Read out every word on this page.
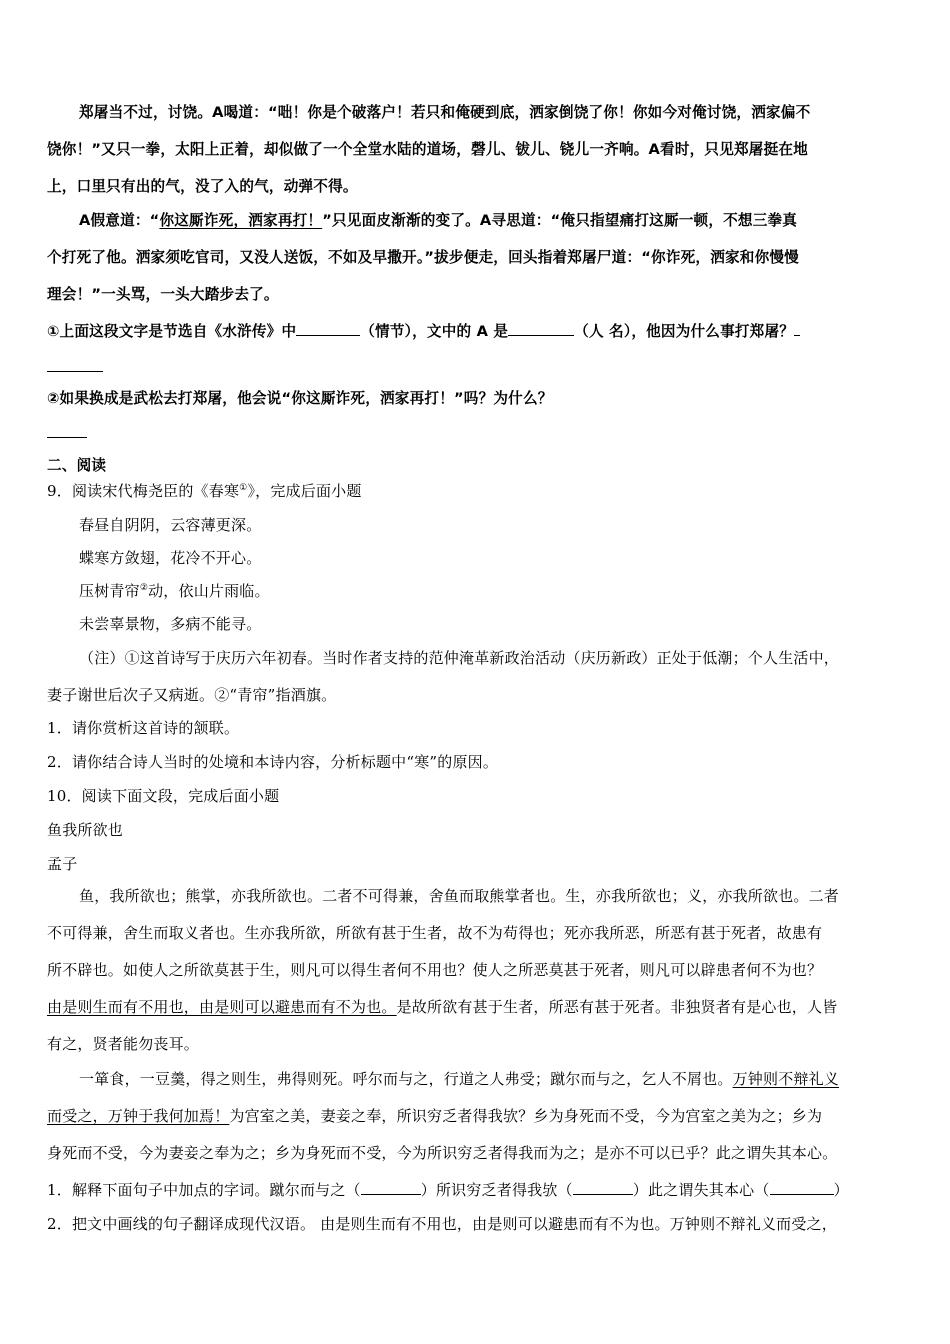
郑屠当不过，讨饶。A喝道：“咄！你是个破落户！若只和俺硬到底，洒家倒饶了你！你如今对俺讨饶，洒家偏不
饶你！”又只一拳，太阳上正着，却似做了一个全堂水陆的道场，磬儿、钹儿、铙儿一齐响。A看时，只见郑屠挺在地
上，口里只有出的气，没了入的气，动弹不得。
A假意道：“你这厮诈死，洒家再打！”只见面皮渐渐的变了。A寻思道：“俺只指望痛打这厮一顿，不想三拳真
个打死了他。洒家须吃官司，又没人送饭，不如及早撒开。”拔步便走，回头指着郑屠尸道：“你诈死，洒家和你慢慢
理会！”一头骂，一头大踏步去了。
①上面这段文字是节选自《水浒传》中	（情节），文中的 A 是	（人 名），他因为什么事打郑屠？
②如果换成是武松去打郑屠，他会说“你这厮诈死，洒家再打！”吗？为什么？
二、阅读
9．阅读宋代梅尧臣的《春寒①》，完成后面小题
春昼自阴阴，云容薄更深。
蝶寒方敛翅，花冷不开心。
压树青帘②动，依山片雨临。
未尝辜景物，多病不能寻。
（注）①这首诗写于庆历六年初春。当时作者支持的范仲淹革新政治活动（庆历新政）正处于低潮；个人生活中，
妻子谢世后次子又病逝。②“青帘”指酒旗。
1．请你赏析这首诗的颔联。
2．请你结合诗人当时的处境和本诗内容，分析标题中“寒”的原因。
10．阅读下面文段，完成后面小题
鱼我所欲也
孟子
鱼，我所欲也；熊掌，亦我所欲也。二者不可得兼，舍鱼而取熊掌者也。生，亦我所欲也；义，亦我所欲也。二者
不可得兼，舍生而取义者也。生亦我所欲，所欲有甚于生者，故不为苟得也；死亦我所恶，所恶有甚于死者，故患有
所不辟也。如使人之所欲莫甚于生，则凡可以得生者何不用也？使人之所恶莫甚于死者，则凡可以辟患者何不为也？
由是则生而有不用也，由是则可以避患而有不为也。是故所欲有甚于生者，所恶有甚于死者。非独贤者有是心也，人皆
有之，贤者能勿丧耳。
一箪食，一豆羹，得之则生，弗得则死。呼尔而与之，行道之人弗受；蹴尔而与之，乞人不屑也。万钟则不辩礼义
而受之，万钟于我何加焉！为宫室之美，妻妾之奉，所识穷乏者得我欤？乡为身死而不受，今为宫室之美为之；乡为
身死而不受，今为妻妾之奉为之；乡为身死而不受，今为所识穷乏者得我而为之；是亦不可以已乎？此之谓失其本心。
1．解释下面句子中加点的字词。蹴尔而与之（	）所识穷乏者得我欤（	）此之谓失其本心（	）
2．把文中画线的句子翻译成现代汉语。 由是则生而有不用也，由是则可以避患而有不为也。万钟则不辩礼义而受之，
